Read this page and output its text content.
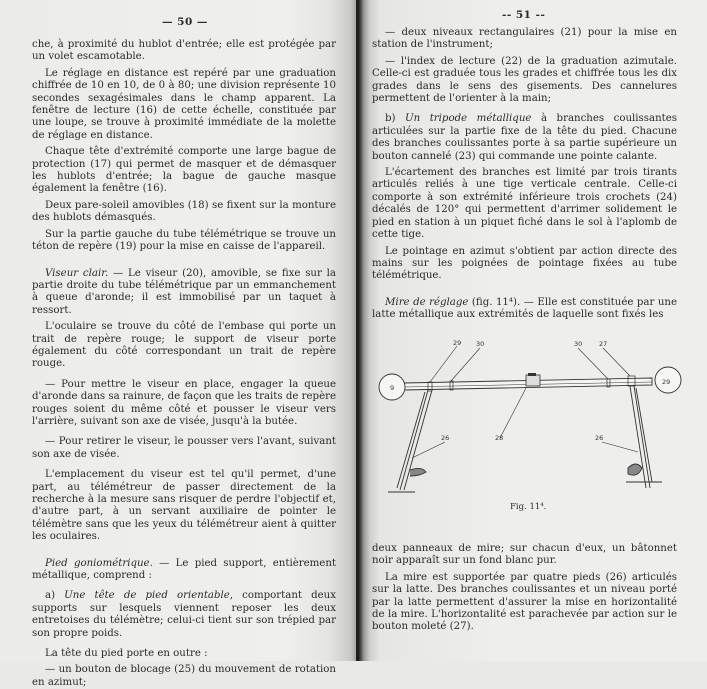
— 50 —

che, à proximité du hublot d'entrée; elle est protégée par un volet escamotable.

Le réglage en distance est repéré par une graduation chiffrée de 10 en 10, de 0 à 80; une division représente 10 secondes sexagésimales dans le champ apparent. La fenêtre de lecture (16) de cette échelle, constituée par une loupe, se trouve à proximité immédiate de la molette de réglage en distance.

Chaque tête d'extrémité comporte une large bague de protection (17) qui permet de masquer et de démasquer les hublots d'entrée; la bague de gauche masque également la fenêtre (16).

Deux pare-soleil amovibles (18) se fixent sur la monture des hublots démasqués.

Sur la partie gauche du tube télémétrique se trouve un téton de repère (19) pour la mise en caisse de l'appareil.

Viseur clair. — Le viseur (20), amovible, se fixe sur la partie droite du tube télémétrique par un emmanchement à queue d'aronde; il est immobilisé par un taquet à ressort.

L'oculaire se trouve du côté de l'embase qui porte un trait de repère rouge; le support de viseur porte également du côté correspondant un trait de repère rouge.

— Pour mettre le viseur en place, engager la queue d'aronde dans sa rainure, de façon que les traits de repère rouges soient du même côté et pousser le viseur vers l'arrière, suivant son axe de visée, jusqu'à la butée.

— Pour retirer le viseur, le pousser vers l'avant, suivant son axe de visée.

L'emplacement du viseur est tel qu'il permet, d'une part, au télémétreur de passer directement de la recherche à la mesure sans risquer de perdre l'objectif et, d'autre part, à un servant auxiliaire de pointer le télémètre sans que les yeux du télémétreur aient à quitter les oculaires.

Pied goniométrique. — Le pied support, entièrement métallique, comprend :

a) Une tête de pied orientable, comportant deux supports sur lesquels viennent reposer les deux entretoises du télémètre; celui-ci tient sur son trépied par son propre poids.

La tête du pied porte en outre :

— un bouton de blocage (25) du mouvement de rotation en azimut;

-- 51 --

— deux niveaux rectangulaires (21) pour la mise en station de l'instrument;

— l'index de lecture (22) de la graduation azimutale. Celle-ci est graduée tous les grades et chiffrée tous les dix grades dans le sens des gisements. Des cannelures permettent de l'orienter à la main;

b) Un tripode métallique à branches coulissantes articulées sur la partie fixe de la tête du pied. Chacune des branches coulissantes porte à sa partie supérieure un bouton cannelé (23) qui commande une pointe calante.

L'écartement des branches est limité par trois tirants articulés reliés à une tige verticale centrale. Celle-ci comporte à son extrémité inférieure trois crochets (24) décalés de 120° qui permettent d'arrimer solidement le pied en station à un piquet fiché dans le sol à l'aplomb de cette tige.

Le pointage en azimut s'obtient par action directe des mains sur les poignées de pointage fixées au tube télémétrique.

Mire de réglage (fig. 11⁴). — Elle est constituée par une latte métallique aux extrémités de laquelle sont fixés les

deux panneaux de mire; sur chacun d'eux, un bâtonnet noir apparaît sur un fond blanc pur.

La mire est supportée par quatre pieds (26) articulés sur la latte. Des branches coulissantes et un niveau porté par la latte permettent d'assurer la mise en horizontalité de la mire. L'horizontalité est parachevée par action sur le bouton moleté (27).

9
29
29 30	30	27
28
26	26
Fig. 11⁴.
